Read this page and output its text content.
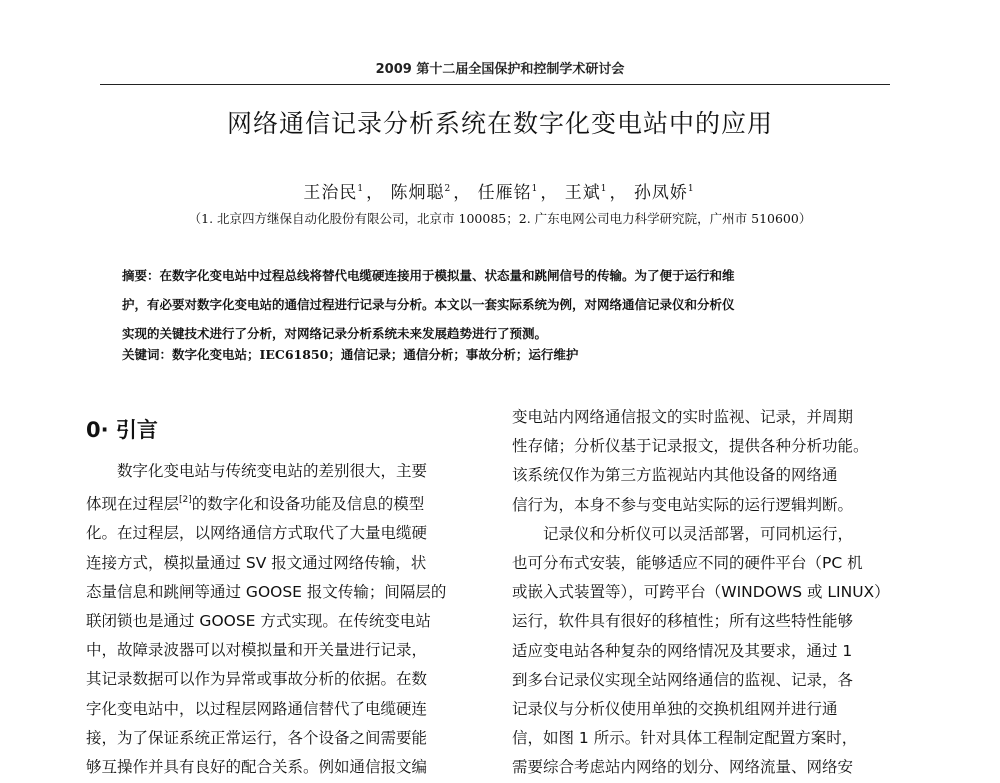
2009 第十二届全国保护和控制学术研讨会
网络通信记录分析系统在数字化变电站中的应用
王治民$^1$ ， 陈炯聪$^2$ ， 任雁铭$^1$ ， 王斌$^1$ ， 孙凤娇$^1$
（1. 北京四方继保自动化股份有限公司，北京市 100085；2. 广东电网公司电力科学研究院，广州市 510600）
摘要：在数字化变电站中过程总线将替代电缆硬连接用于模拟量、状态量和跳闸信号的传输。为了便于运行和维
护，有必要对数字化变电站的通信过程进行记录与分析。本文以一套实际系统为例，对网络通信记录仪和分析仪
实现的关键技术进行了分析，对网络记录分析系统未来发展趋势进行了预测。
关键词：数字化变电站；IEC61850；通信记录；通信分析；事故分析；运行维护
0· 引言
　　数字化变电站与传统变电站的差别很大，主要
体现在过程层[2]的数字化和设备功能及信息的模型
化。在过程层，以网络通信方式取代了大量电缆硬
连接方式，模拟量通过 SV 报文通过网络传输，状
态量信息和跳闸等通过 GOOSE 报文传输；间隔层的
联闭锁也是通过 GOOSE 方式实现。在传统变电站
中，故障录波器可以对模拟量和开关量进行记录，
其记录数据可以作为异常或事故分析的依据。在数
字化变电站中，以过程层网路通信替代了电缆硬连
接，为了保证系统正常运行，各个设备之间需要能
够互操作并具有良好的配合关系。例如通信报文编
变电站内网络通信报文的实时监视、记录，并周期
性存储；分析仪基于记录报文，提供各种分析功能。
该系统仅作为第三方监视站内其他设备的网络通
信行为，本身不参与变电站实际的运行逻辑判断。
　　记录仪和分析仪可以灵活部署，可同机运行，
也可分布式安装，能够适应不同的硬件平台（PC 机
或嵌入式装置等），可跨平台（WINDOWS 或 LINUX）
运行，软件具有很好的移植性；所有这些特性能够
适应变电站各种复杂的网络情况及其要求，通过 1
到多台记录仪实现全站网络通信的监视、记录，各
记录仪与分析仪使用单独的交换机组网并进行通
信，如图 1 所示。针对具体工程制定配置方案时，
需要综合考虑站内网络的划分、网络流量、网络安
